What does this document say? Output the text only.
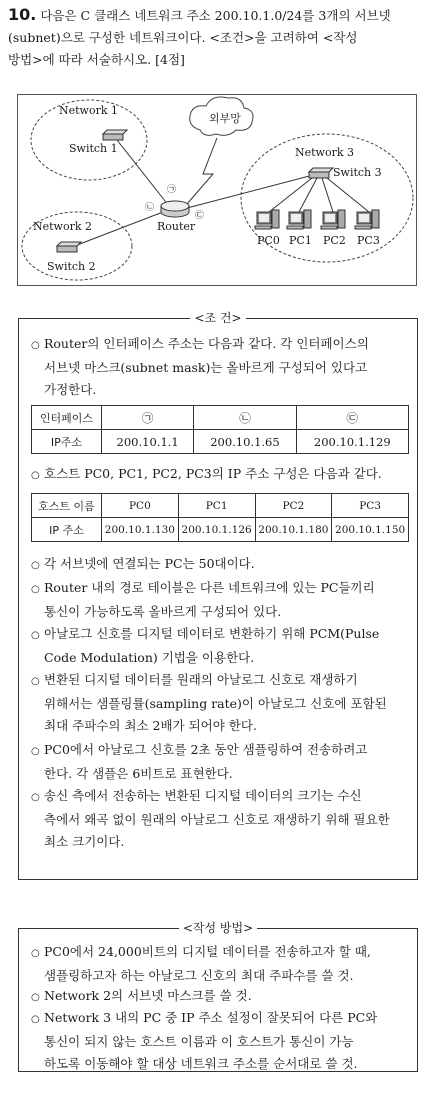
10. 다음은 C 클래스 네트워크 주소 200.10.1.0/24를 3개의 서브넷
(subnet)으로 구성한 네트워크이다. <조건>을 고려하여 <작성
방법>에 따라 서술하시오. [4점]
외부망
Network 1
Switch 1
Network 2
Switch 2
Network 3
Switch 3
Router
㉠
㉡
㉢
PC0 PC1 PC2 PC3
<조 건>
○ Router의 인터페이스 주소는 다음과 같다. 각 인터페이스의
서브넷 마스크(subnet mask)는 올바르게 구성되어 있다고
가정한다.
인터페이스	㉠	㉡	㉢
IP주소	200.10.1.1	200.10.1.65	200.10.1.129
○ 호스트 PC0, PC1, PC2, PC3의 IP 주소 구성은 다음과 같다.
호스트 이름	PC0	PC1	PC2	PC3
IP 주소	200.10.1.130	200.10.1.126	200.10.1.180	200.10.1.150
○ 각 서브넷에 연결되는 PC는 50대이다.
○ Router 내의 경로 테이블은 다른 네트워크에 있는 PC들끼리
통신이 가능하도록 올바르게 구성되어 있다.
○ 아날로그 신호를 디지털 데이터로 변환하기 위해 PCM(Pulse
Code Modulation) 기법을 이용한다.
○ 변환된 디지털 데이터를 원래의 아날로그 신호로 재생하기
위해서는 샘플링률(sampling rate)이 아날로그 신호에 포함된
최대 주파수의 최소 2배가 되어야 한다.
○ PC0에서 아날로그 신호를 2초 동안 샘플링하여 전송하려고
한다. 각 샘플은 6비트로 표현한다.
○ 송신 측에서 전송하는 변환된 디지털 데이터의 크기는 수신
측에서 왜곡 없이 원래의 아날로그 신호로 재생하기 위해 필요한
최소 크기이다.
<작성 방법>
○ PC0에서 24,000비트의 디지털 데이터를 전송하고자 할 때,
샘플링하고자 하는 아날로그 신호의 최대 주파수를 쓸 것.
○ Network 2의 서브넷 마스크를 쓸 것.
○ Network 3 내의 PC 중 IP 주소 설정이 잘못되어 다른 PC와
통신이 되지 않는 호스트 이름과 이 호스트가 통신이 가능
하도록 이동해야 할 대상 네트워크 주소를 순서대로 쓸 것.
